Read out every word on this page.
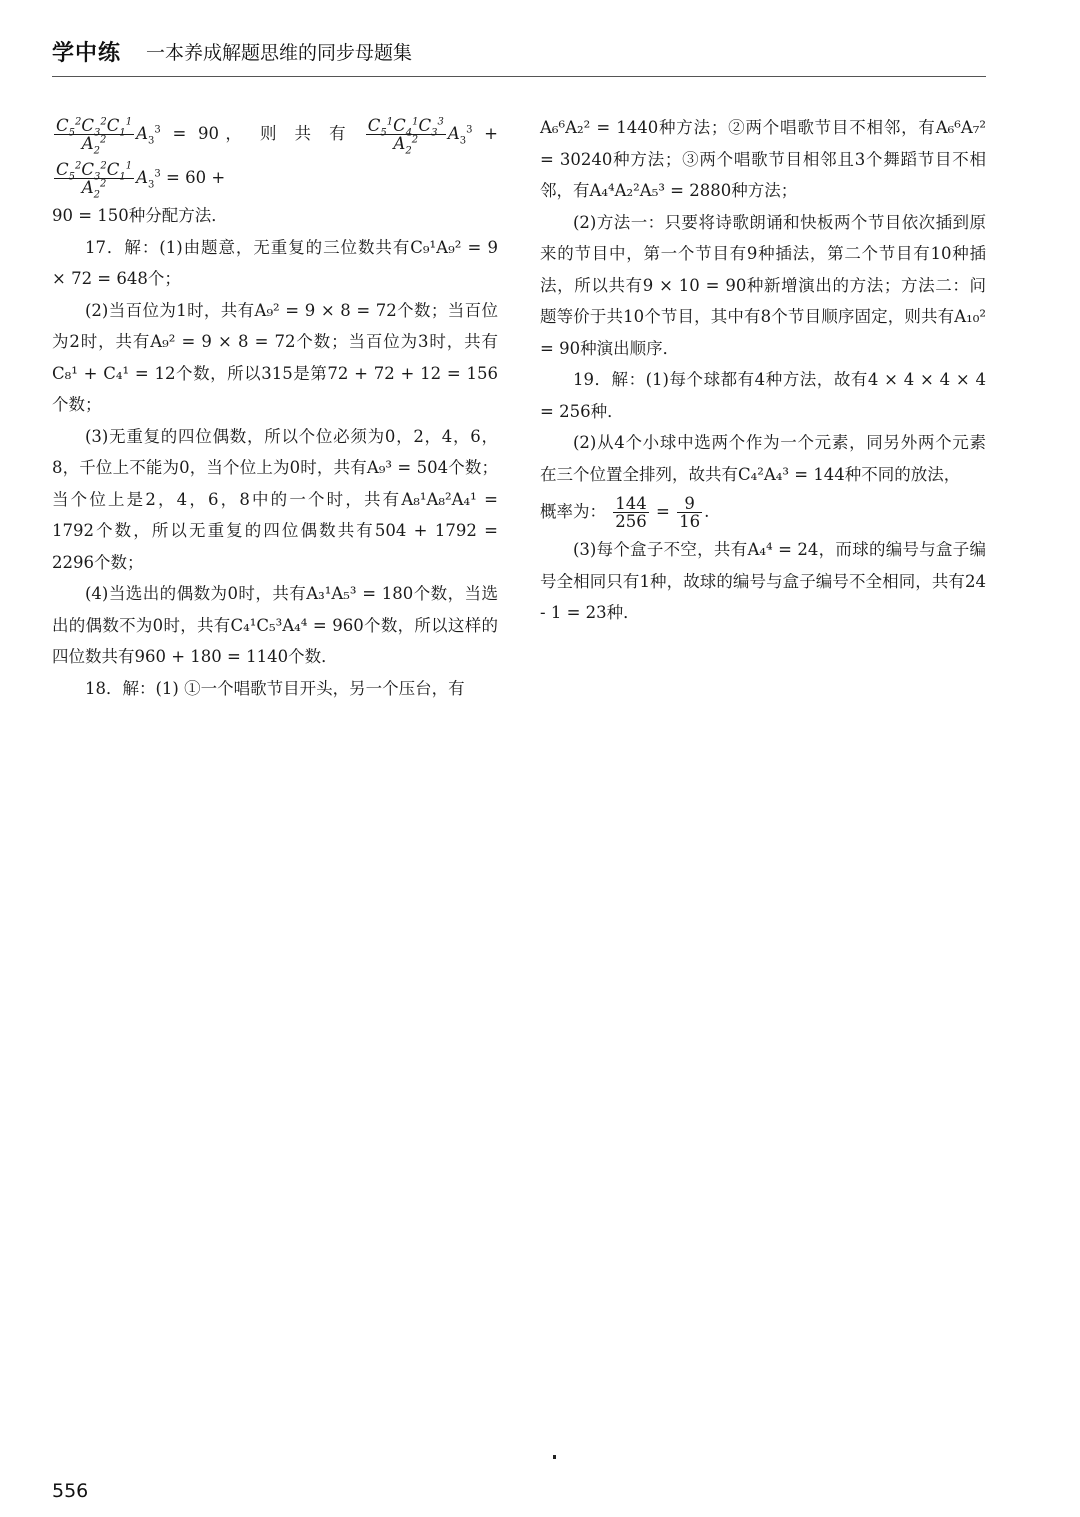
学中练 一本养成解题思维的同步母题集

$\frac{C_5^2C_3^2C_1^1}{A_2^2} A_3^3 = 90$， 则 共 有 $\frac{C_5^1C_4^1C_3^3}{A_2^2} A_3^3$ +
$\frac{C_5^2C_3^2C_1^1}{A_2^2} A_3^3 = 60$ +

90 = 150种分配方法．

17．解：(1)由题意，无重复的三位数共有C₉¹A₉² = 9 × 72 = 648个；

(2)当百位为1时，共有A₉² = 9 × 8 = 72个数；当百位为2时，共有A₉² = 9 × 8 = 72个数；当百位为3时，共有C₈¹ + C₄¹ = 12个数，所以315是第72 + 72 + 12 = 156个数；

(3)无重复的四位偶数，所以个位必须为0，2，4，6，8，千位上不能为0，当个位上为0时，共有A₉³ = 504个数；当个位上是2，4，6，8中的一个时，共有A₈¹A₈²A₄¹ = 1792个数，所以无重复的四位偶数共有504 + 1792 = 2296个数；

(4)当选出的偶数为0时，共有A₃¹A₅³ = 180个数，当选出的偶数不为0时，共有C₄¹C₅³A₄⁴ = 960个数，所以这样的四位数共有960 + 180 = 1140个数．

18．解：(1) ①一个唱歌节目开头，另一个压台，有

A₆⁶A₂² = 1440种方法；②两个唱歌节目不相邻，有A₆⁶A₇² = 30240种方法；③两个唱歌节目相邻且3个舞蹈节目不相邻，有A₄⁴A₂²A₅³ = 2880种方法；

(2)方法一：只要将诗歌朗诵和快板两个节目依次插到原来的节目中，第一个节目有9种插法，第二个节目有10种插法，所以共有9 × 10 = 90种新增演出的方法；方法二：问题等价于共10个节目，其中有8个节目顺序固定，则共有A₁₀² = 90种演出顺序．

19．解：(1)每个球都有4种方法，故有4 × 4 × 4 × 4 = 256种．

(2)从4个小球中选两个作为一个元素，同另外两个元素在三个位置全排列，故共有C₄²A₄³ = 144种不同的放法，

概率为： $\frac{144}{256} = \frac{9}{16}$ .

(3)每个盒子不空，共有A₄⁴ = 24，而球的编号与盒子编号全相同只有1种，故球的编号与盒子编号不全相同，共有24 - 1 = 23种．

556
